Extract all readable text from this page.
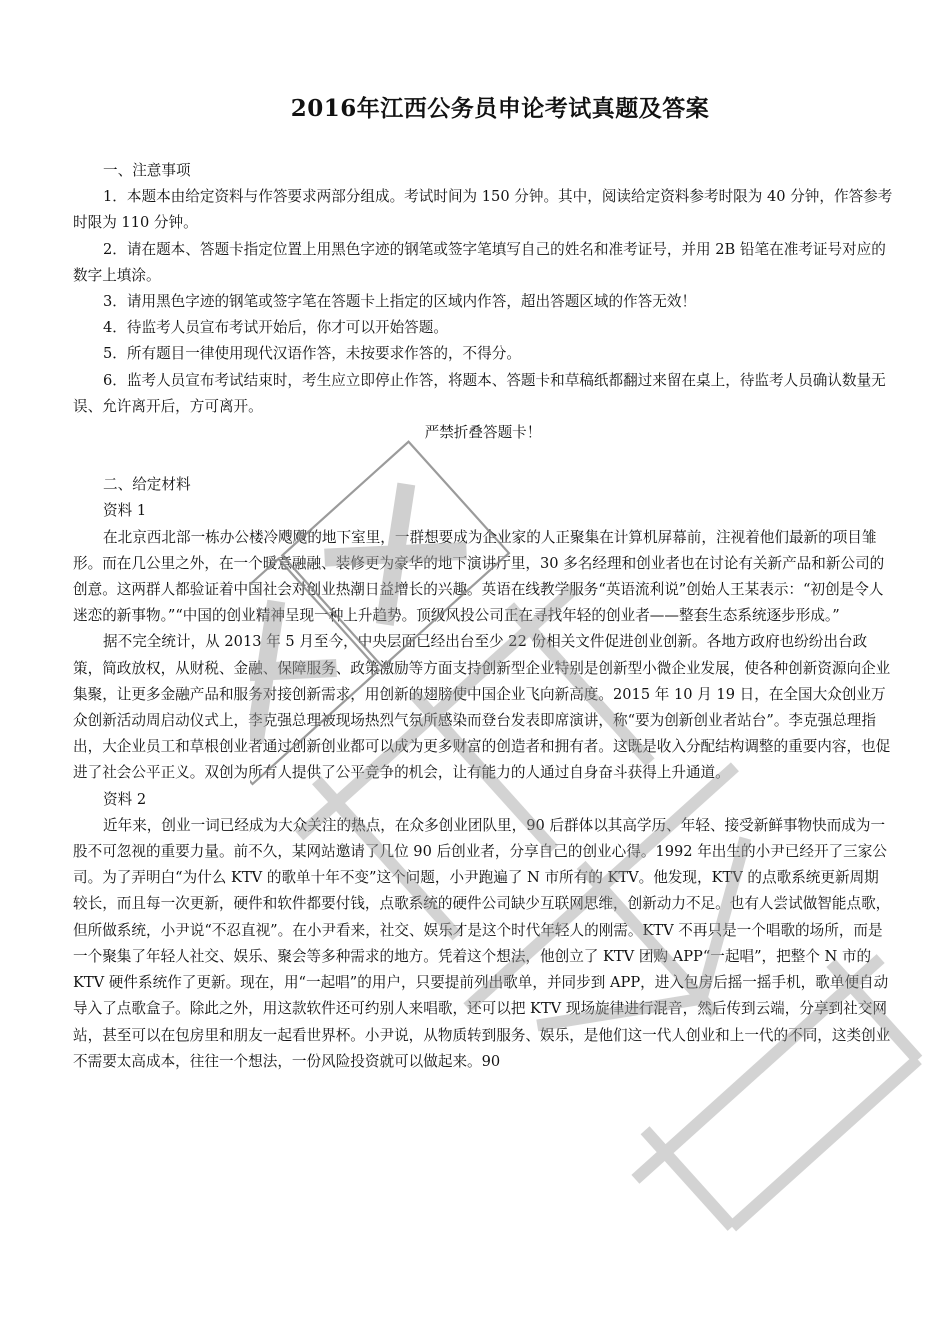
2016年江西公务员申论考试真题及答案

一、注意事项

1．本题本由给定资料与作答要求两部分组成。考试时间为 150 分钟。其中，阅读给定资料参考时限为 40 分钟，作答参考时限为 110 分钟。

2．请在题本、答题卡指定位置上用黑色字迹的钢笔或签字笔填写自己的姓名和准考证号，并用 2B 铅笔在准考证号对应的数字上填涂。

3．请用黑色字迹的钢笔或签字笔在答题卡上指定的区域内作答，超出答题区域的作答无效！

4．待监考人员宣布考试开始后，你才可以开始答题。

5．所有题目一律使用现代汉语作答，未按要求作答的，不得分。

6．监考人员宣布考试结束时，考生应立即停止作答，将题本、答题卡和草稿纸都翻过来留在桌上，待监考人员确认数量无误、允许离开后，方可离开。

严禁折叠答题卡！

二、给定材料

资料 1

在北京西北部一栋办公楼冷飕飕的地下室里，一群想要成为企业家的人正聚集在计算机屏幕前，注视着他们最新的项目雏形。而在几公里之外，在一个暖意融融、装修更为豪华的地下演讲厅里，30 多名经理和创业者也在讨论有关新产品和新公司的创意。这两群人都验证着中国社会对创业热潮日益增长的兴趣。英语在线教学服务“英语流利说”创始人王某表示：“初创是令人迷恋的新事物。”“中国的创业精神呈现一种上升趋势。顶级风投公司正在寻找年轻的创业者——整套生态系统逐步形成。”

据不完全统计，从 2013 年 5 月至今，中央层面已经出台至少 22 份相关文件促进创业创新。各地方政府也纷纷出台政策，简政放权，从财税、金融、保障服务、政策激励等方面支持创新型企业特别是创新型小微企业发展，使各种创新资源向企业集聚，让更多金融产品和服务对接创新需求，用创新的翅膀使中国企业飞向新高度。2015 年 10 月 19 日，在全国大众创业万众创新活动周启动仪式上，李克强总理被现场热烈气氛所感染而登台发表即席演讲，称“要为创新创业者站台”。李克强总理指出，大企业员工和草根创业者通过创新创业都可以成为更多财富的创造者和拥有者。这既是收入分配结构调整的重要内容，也促进了社会公平正义。双创为所有人提供了公平竞争的机会，让有能力的人通过自身奋斗获得上升通道。

资料 2

近年来，创业一词已经成为大众关注的热点，在众多创业团队里，90 后群体以其高学历、年轻、接受新鲜事物快而成为一股不可忽视的重要力量。前不久，某网站邀请了几位 90 后创业者，分享自己的创业心得。1992 年出生的小尹已经开了三家公司。为了弄明白“为什么 KTV 的歌单十年不变”这个问题，小尹跑遍了 N 市所有的 KTV。他发现，KTV 的点歌系统更新周期较长，而且每一次更新，硬件和软件都要付钱，点歌系统的硬件公司缺少互联网思维，创新动力不足。也有人尝试做智能点歌，但所做系统，小尹说“不忍直视”。在小尹看来，社交、娱乐才是这个时代年轻人的刚需。KTV 不再只是一个唱歌的场所，而是一个聚集了年轻人社交、娱乐、聚会等多种需求的地方。凭着这个想法，他创立了 KTV 团购 APP“一起唱”，把整个 N 市的 KTV 硬件系统作了更新。现在，用“一起唱”的用户，只要提前列出歌单，并同步到 APP，进入包房后摇一摇手机，歌单便自动导入了点歌盒子。除此之外，用这款软件还可约别人来唱歌，还可以把 KTV 现场旋律进行混音，然后传到云端，分享到社交网站，甚至可以在包房里和朋友一起看世界杯。小尹说，从物质转到服务、娱乐，是他们这一代人创业和上一代的不同，这类创业不需要太高成本，往往一个想法，一份风险投资就可以做起来。90
